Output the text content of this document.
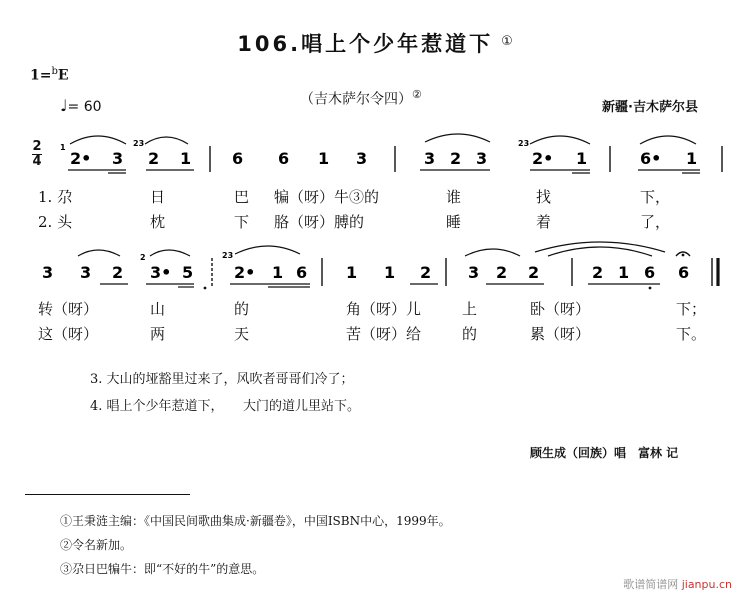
106.唱上个少年惹道下 ①
1=$^b$E
♩= 60	（吉木萨尔令四）②
新疆·吉木萨尔县
2
4
1	23	23
2• 3 2 1	6 6 1 3	3 2 3	2• 1	6• 1
1. 尕	日	巴 犏（呀）牛③的	谁	找	下，
2. 头	枕	下 胳（呀）膊的	睡	着	了，
2	23
3 3 2 3• 5	2• 1 6 1 1 2 3 2 2	2 1 6 6
转（呀）	山	的	角（呀）儿	上	卧（呀）	下；
这（呀）	两	天	苦（呀）给	的	累（呀）	下。
3. 大山的垭豁里过来了，风吹者哥哥们冷了；
4. 唱上个少年惹道下，　　大门的道儿里站下。
顾生成（回族）唱　富林 记
①王秉涟主编：《中国民间歌曲集成·新疆卷》，中国ISBN中心，1999年。
②令名新加。
③尕日巴犏牛：即“不好的牛”的意思。
歌谱简谱网 jianpu.cn
